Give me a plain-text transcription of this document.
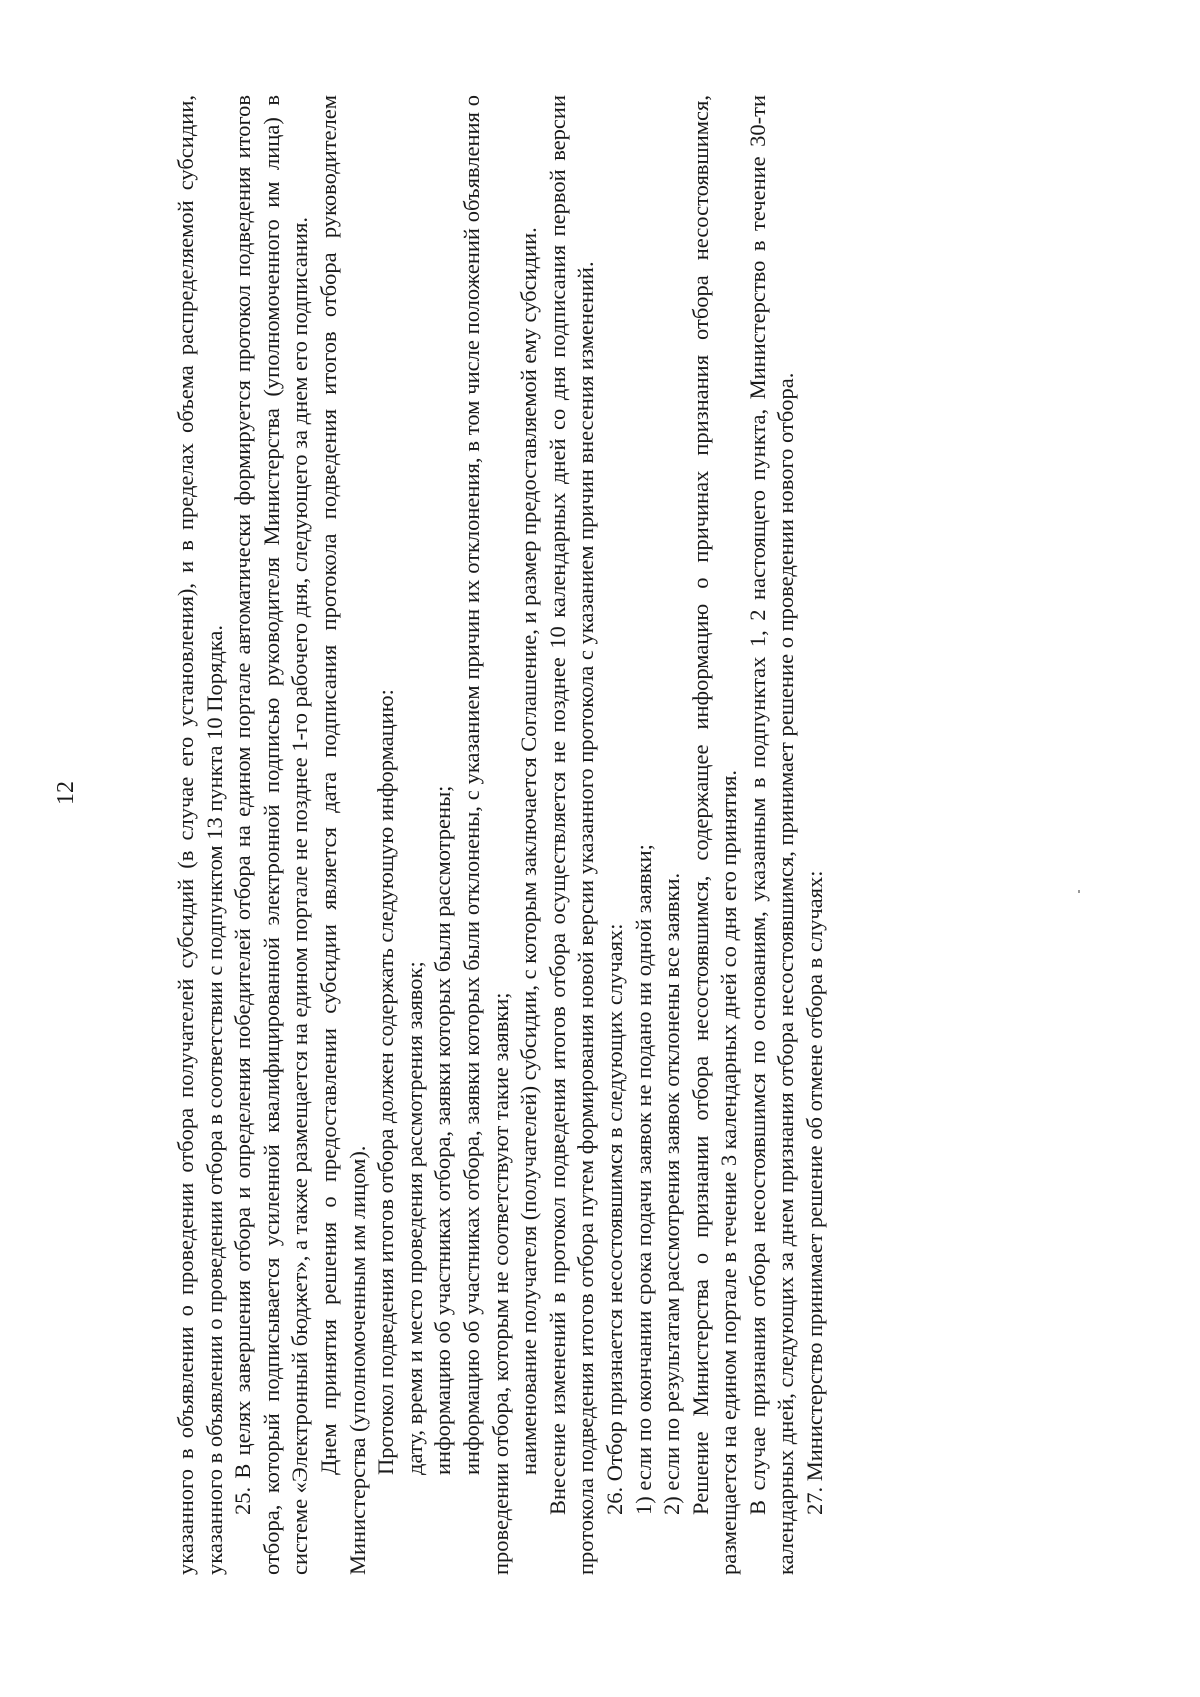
12	указанного в объявлении о проведении отбора получателей субсидий (в случае его установления), и в пределах объема распределяемой субсидии, указанного в объявлении о проведении отбора в соответствии с подпунктом 13 пункта 10 Порядка. 25. В целях завершения отбора и определения победителей отбора на едином портале автоматически формируется протокол подведения итогов отбора, который подписывается усиленной квалифицированной электронной подписью руководителя Министерства (уполномоченного им лица) в системе «Электронный бюджет», а также размещается на едином портале не позднее 1-го рабочего дня, следующего за днем его подписания. Днем принятия решения о предоставлении субсидии является дата подписания протокола подведения итогов отбора руководителем Министерства (уполномоченным им лицом). Протокол подведения итогов отбора должен содержать следующую информацию: дату, время и место проведения рассмотрения заявок; информацию об участниках отбора, заявки которых были рассмотрены; информацию об участниках отбора, заявки которых были отклонены, с указанием причин их отклонения, в том числе положений объявления о проведении отбора, которым не соответствуют такие заявки; наименование получателя (получателей) субсидии, с которым заключается Соглашение, и размер предоставляемой ему субсидии. Внесение изменений в протокол подведения итогов отбора осуществляется не позднее 10 календарных дней со дня подписания первой версии протокола подведения итогов отбора путем формирования новой версии указанного протокола с указанием причин внесения изменений. 26. Отбор признается несостоявшимся в следующих случаях: 1) если по окончании срока подачи заявок не подано ни одной заявки; 2) если по результатам рассмотрения заявок отклонены все заявки. Решение Министерства о признании отбора несостоявшимся, содержащее информацию о причинах признания отбора несостоявшимся, размещается на едином портале в течение 3 календарных дней со дня его принятия. В случае признания отбора несостоявшимся по основаниям, указанным в подпунктах 1, 2 настоящего пункта, Министерство в течение 30-ти календарных дней, следующих за днем признания отбора несостоявшимся, принимает решение о проведении нового отбора. 27. Министерство принимает решение об отмене отбора в случаях:
